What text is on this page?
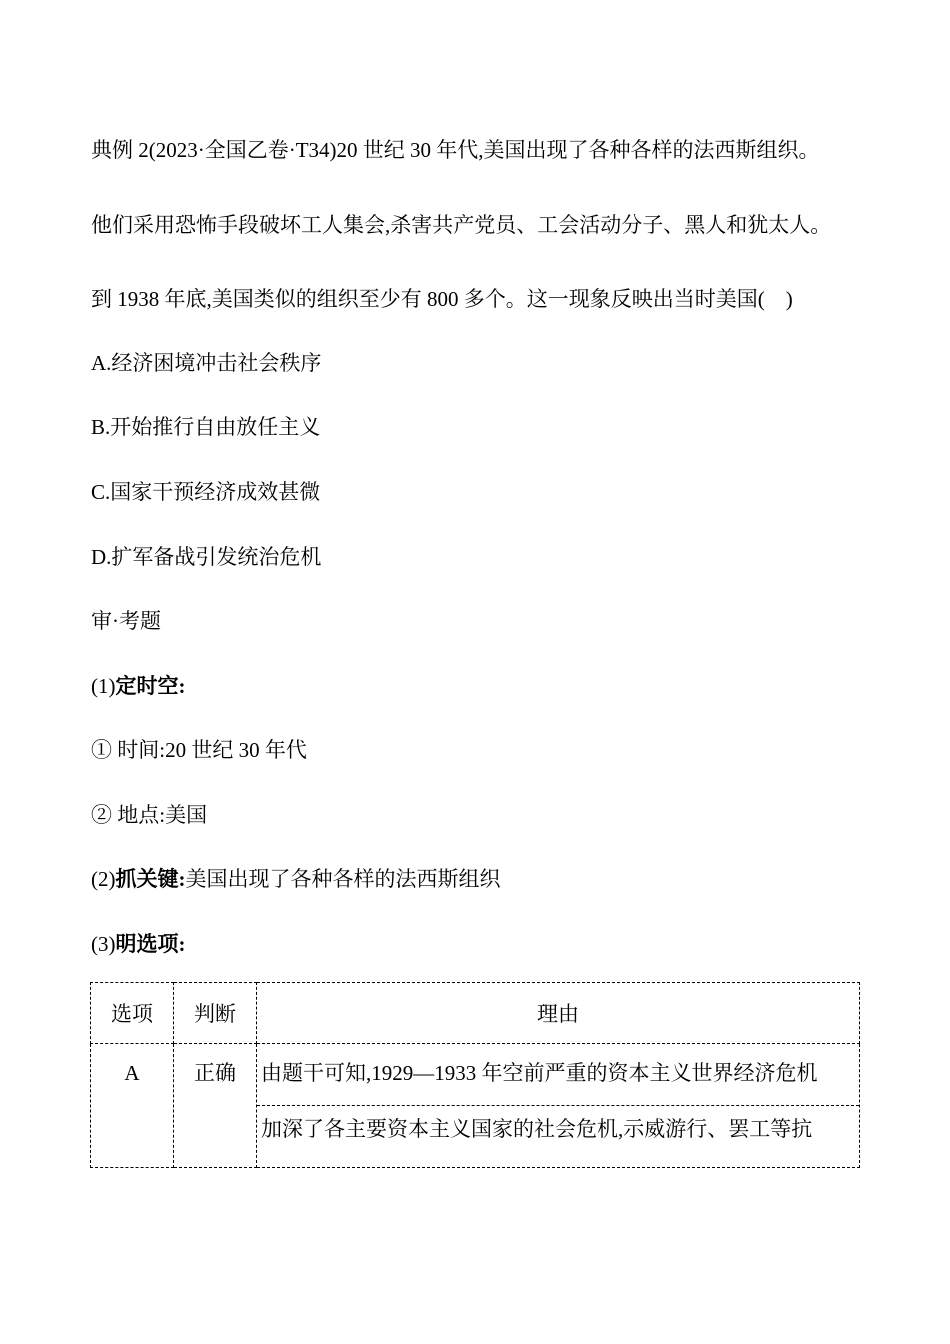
典例 2(2023·全国乙卷·T34)20 世纪 30 年代,美国出现了各种各样的法西斯组织。
他们采用恐怖手段破坏工人集会,杀害共产党员、工会活动分子、黑人和犹太人。
到 1938 年底,美国类似的组织至少有 800 多个。这一现象反映出当时美国(　)
A.经济困境冲击社会秩序
B.开始推行自由放任主义
C.国家干预经济成效甚微
D.扩军备战引发统治危机
审·考题
(1)定时空:
① 时间:20 世纪 30 年代
② 地点:美国
(2)抓关键:美国出现了各种各样的法西斯组织
(3)明选项:
选项	判断	理由
A	正确	由题干可知,1929—1933 年空前严重的资本主义世界经济危机
加深了各主要资本主义国家的社会危机,示威游行、罢工等抗
